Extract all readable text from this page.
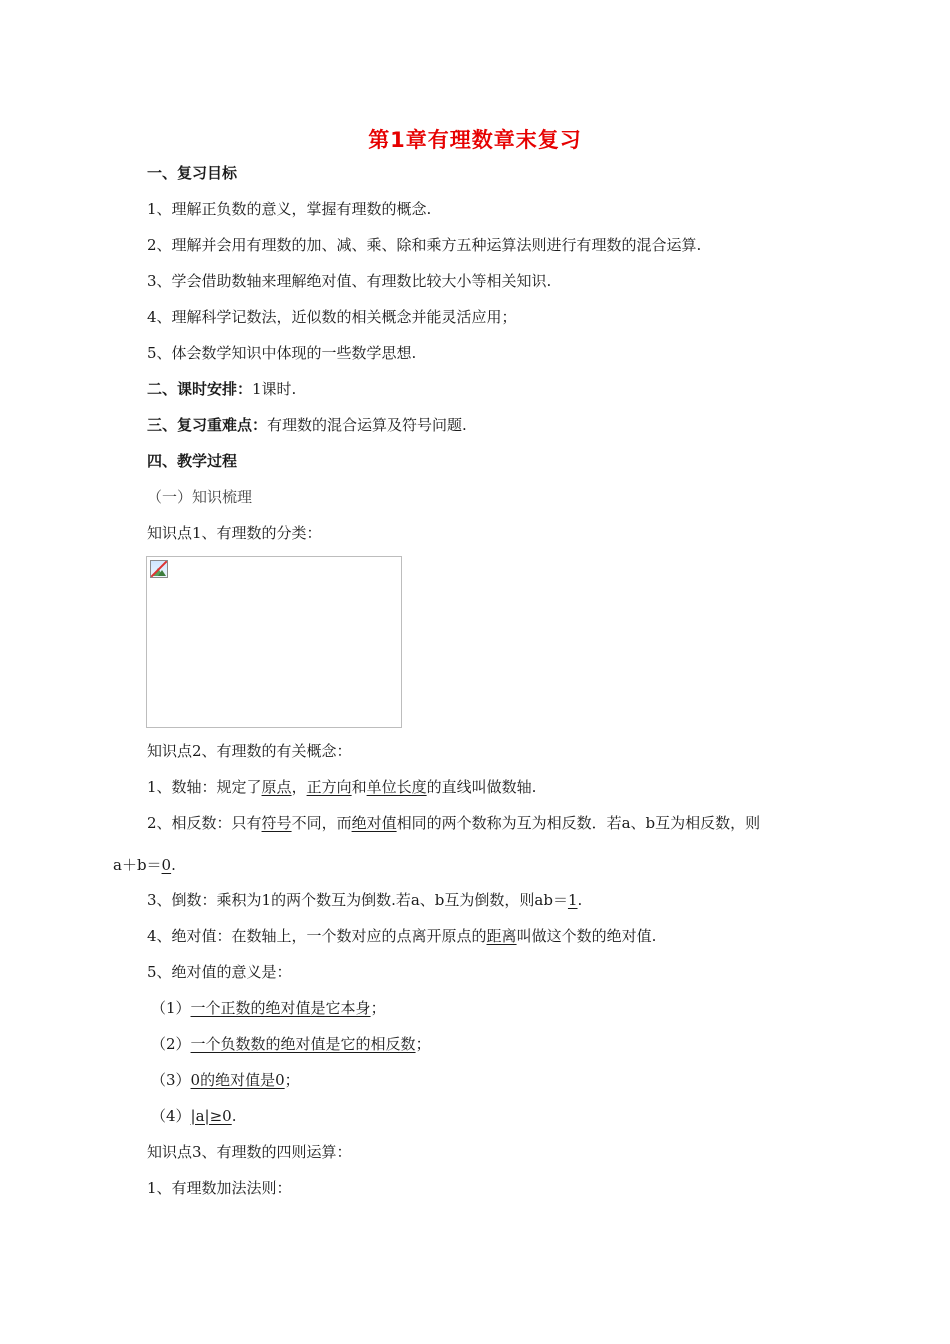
第1章有理数章末复习
一、复习目标
1、理解正负数的意义，掌握有理数的概念.
2、理解并会用有理数的加、减、乘、除和乘方五种运算法则进行有理数的混合运算.
3、学会借助数轴来理解绝对值、有理数比较大小等相关知识.
4、理解科学记数法，近似数的相关概念并能灵活应用；
5、体会数学知识中体现的一些数学思想.
二、课时安排：1课时.
三、复习重难点：有理数的混合运算及符号问题.
四、教学过程
（一）知识梳理
知识点1、有理数的分类：
知识点2、有理数的有关概念：
1、数轴：规定了原点，正方向和单位长度的直线叫做数轴.
2、相反数：只有符号不同，而绝对值相同的两个数称为互为相反数．若a、b互为相反数，则
a＋b＝0.
3、倒数：乘积为1的两个数互为倒数.若a、b互为倒数，则ab＝1.
4、绝对值：在数轴上，一个数对应的点离开原点的距离叫做这个数的绝对值.
5、绝对值的意义是：
（1）一个正数的绝对值是它本身；
（2）一个负数数的绝对值是它的相反数；
（3）0的绝对值是0；
（4）|a|≥0.
知识点3、有理数的四则运算：
1、有理数加法法则：
